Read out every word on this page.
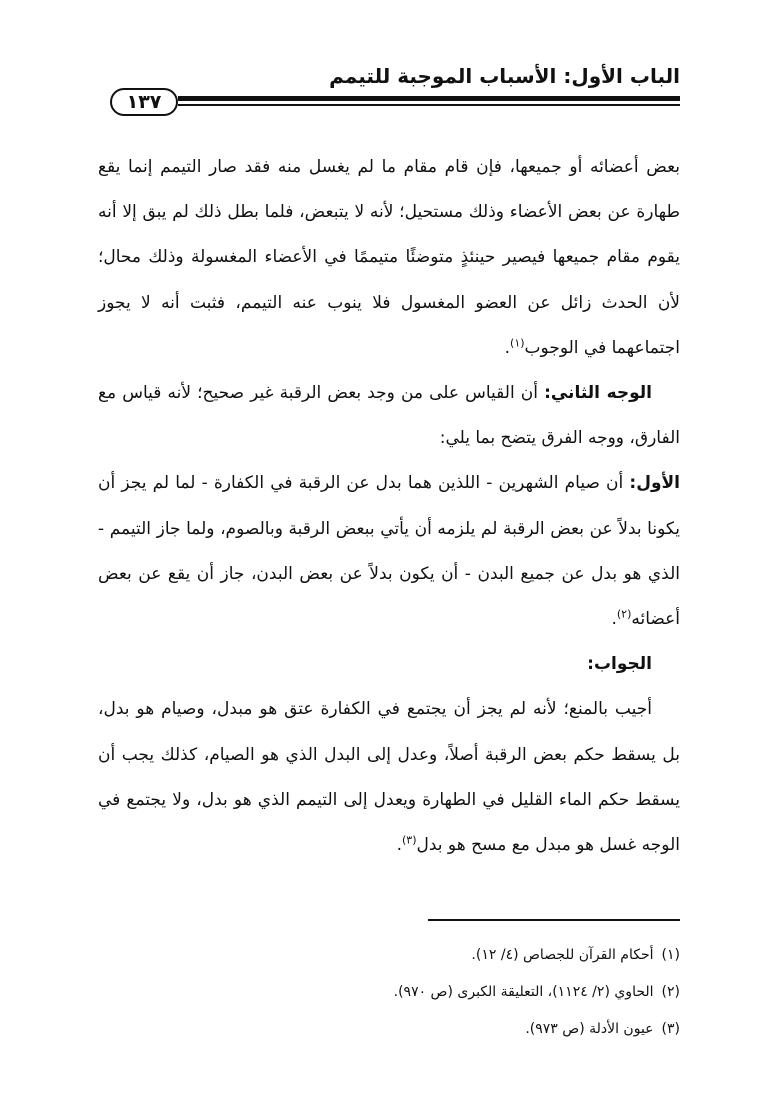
الباب الأول: الأسباب الموجبة للتيمم
١٣٧

بعض أعضائه أو جميعها، فإن قام مقام ما لم يغسل منه فقد صار التيمم إنما يقع طهارة عن بعض الأعضاء وذلك مستحيل؛ لأنه لا يتبعض، فلما بطل ذلك لم يبق إلا أنه يقوم مقام جميعها فيصير حينئذٍ متوضئًا متيممًا في الأعضاء المغسولة وذلك محال؛ لأن الحدث زائل عن العضو المغسول فلا ينوب عنه التيمم، فثبت أنه لا يجوز اجتماعهما في الوجوب$^{(١)}$.

الوجه الثاني: أن القياس على من وجد بعض الرقبة غير صحيح؛ لأنه قياس مع الفارق، ووجه الفرق يتضح بما يلي:

الأول: أن صيام الشهرين - اللذين هما بدل عن الرقبة في الكفارة - لما لم يجز أن يكونا بدلاً عن بعض الرقبة لم يلزمه أن يأتي ببعض الرقبة وبالصوم، ولما جاز التيمم - الذي هو بدل عن جميع البدن - أن يكون بدلاً عن بعض البدن، جاز أن يقع عن بعض أعضائه$^{(٢)}$.

الجواب:

أجيب بالمنع؛ لأنه لم يجز أن يجتمع في الكفارة عتق هو مبدل، وصيام هو بدل، بل يسقط حكم بعض الرقبة أصلاً، وعدل إلى البدل الذي هو الصيام، كذلك يجب أن يسقط حكم الماء القليل في الطهارة ويعدل إلى التيمم الذي هو بدل، ولا يجتمع في الوجه غسل هو مبدل مع مسح هو بدل$^{(٣)}$.

(١)أحكام القرآن للجصاص (٤/ ١٢).
(٢)الحاوي (٢/ ١١٢٤)، التعليقة الكبرى (ص ٩٧٠).
(٣)عيون الأدلة (ص ٩٧٣).
